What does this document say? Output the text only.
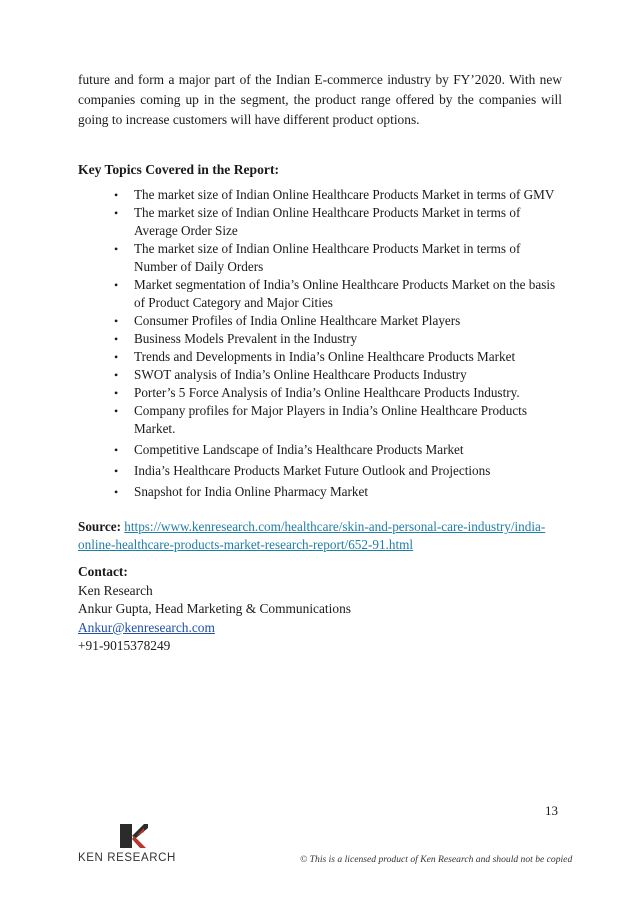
future and form a major part of the Indian E-commerce industry by FY’2020. With new companies coming up in the segment, the product range offered by the companies will going to increase customers will have different product options.

Key Topics Covered in the Report:

•	The market size of Indian Online Healthcare Products Market in terms of GMV
•	The market size of Indian Online Healthcare Products Market in terms of Average Order Size
•	The market size of Indian Online Healthcare Products Market in terms of Number of Daily Orders
•	Market segmentation of India’s Online Healthcare Products Market on the basis of Product Category and Major Cities
•	Consumer Profiles of India Online Healthcare Market Players
•	Business Models Prevalent in the Industry
•	Trends and Developments in India’s Online Healthcare Products Market
•	SWOT analysis of India’s Online Healthcare Products Industry
•	Porter’s 5 Force Analysis of India’s Online Healthcare Products Industry.
•	Company profiles for Major Players in India’s Online Healthcare Products Market.
•	Competitive Landscape of India’s Healthcare Products Market
•	India’s Healthcare Products Market Future Outlook and Projections
•	Snapshot for India Online Pharmacy Market

Source: https://www.kenresearch.com/healthcare/skin-and-personal-care-industry/india-online-healthcare-products-market-research-report/652-91.html

Contact:
Ken Research
Ankur Gupta, Head Marketing & Communications
Ankur@kenresearch.com
+91-9015378249
13
KEN RESEARCH	© This is a licensed product of Ken Research and should not be copied
